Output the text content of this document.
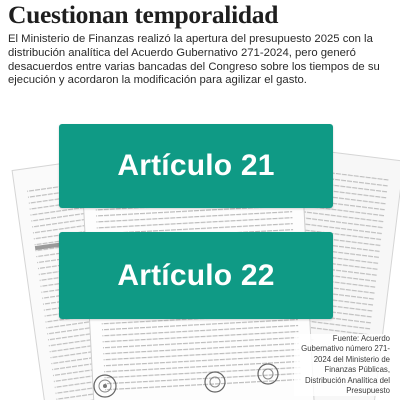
Cuestionan temporalidad

El Ministerio de Finanzas realizó la apertura del presupuesto 2025 con la distribución analítica del Acuerdo Gubernativo 271-2024, pero generó desacuerdos entre varias bancadas del Congreso sobre los tiempos de su ejecución y acordaron la modificación para agilizar el gasto.

Artículo 21
Artículo 22

Fuente: Acuerdo Gubernativo número 271-2024 del Ministerio de Finanzas Públicas, Distribución Analítica del Presupuesto
